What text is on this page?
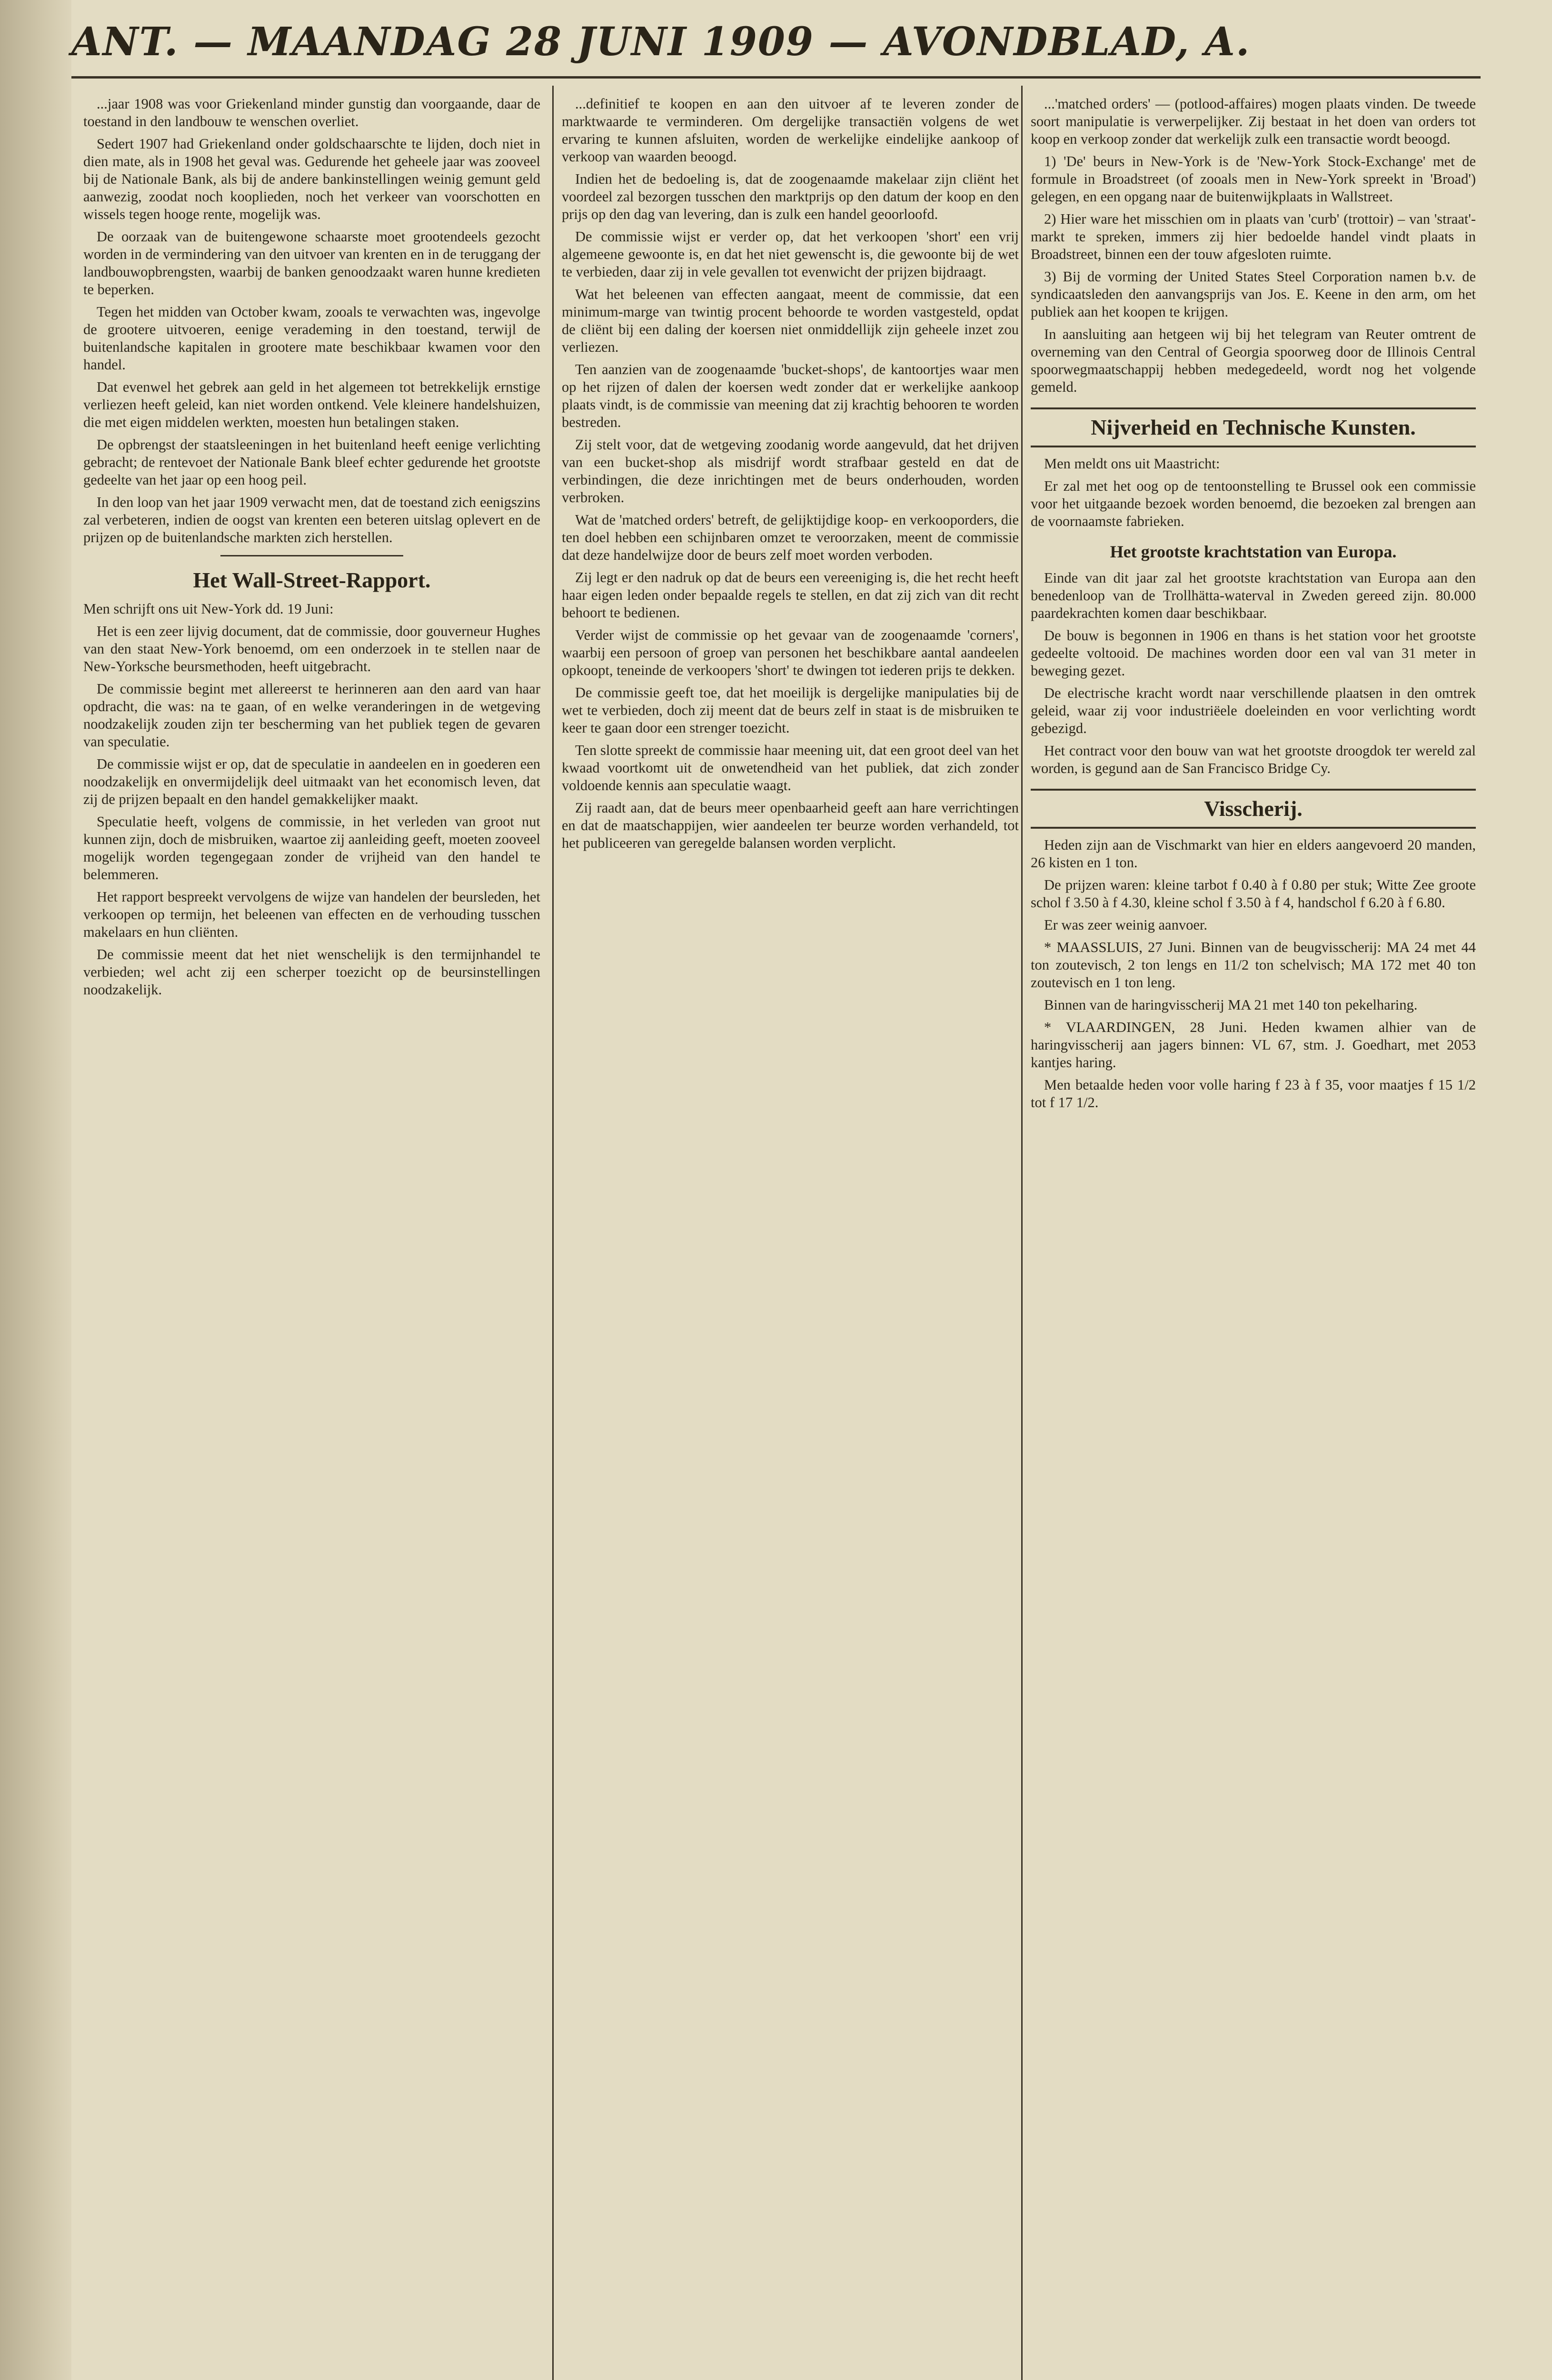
ANT. — MAANDAG 28 JUNI 1909 — AVONDBLAD, A.

...jaar 1908 was voor Griekenland minder gunstig dan voorgaande, daar de toestand in den landbouw te wenschen overliet.

Sedert 1907 had Griekenland onder goldschaarschte te lijden, doch niet in dien mate, als in 1908 het geval was. Gedurende het geheele jaar was zooveel bij de Nationale Bank, als bij de andere bankinstellingen weinig gemunt geld aanwezig, zoodat noch kooplieden, noch het verkeer van voorschotten en wissels tegen hooge rente, mogelijk was.

De oorzaak van de buitengewone schaarste moet grootendeels gezocht worden in de vermindering van den uitvoer van krenten en in de teruggang der landbouwopbrengsten, waarbij de banken genoodzaakt waren hunne kredieten te beperken.

Tegen het midden van October kwam, zooals te verwachten was, ingevolge de grootere uitvoeren, eenige verademing in den toestand, terwijl de buitenlandsche kapitalen in grootere mate beschikbaar kwamen voor den handel.

Dat evenwel het gebrek aan geld in het algemeen tot betrekkelijk ernstige verliezen heeft geleid, kan niet worden ontkend. Vele kleinere handelshuizen, die met eigen middelen werkten, moesten hun betalingen staken.

De opbrengst der staatsleeningen in het buitenland heeft eenige verlichting gebracht; de rentevoet der Nationale Bank bleef echter gedurende het grootste gedeelte van het jaar op een hoog peil.

In den loop van het jaar 1909 verwacht men, dat de toestand zich eenigszins zal verbeteren, indien de oogst van krenten een beteren uitslag oplevert en de prijzen op de buitenlandsche markten zich herstellen.

Het Wall-Street-Rapport.

Men schrijft ons uit New-York dd. 19 Juni:

Het is een zeer lijvig document, dat de commissie, door gouverneur Hughes van den staat New-York benoemd, om een onderzoek in te stellen naar de New-Yorksche beursmethoden, heeft uitgebracht.

De commissie begint met allereerst te herinneren aan den aard van haar opdracht, die was: na te gaan, of en welke veranderingen in de wetgeving noodzakelijk zouden zijn ter bescherming van het publiek tegen de gevaren van speculatie.

De commissie wijst er op, dat de speculatie in aandeelen en in goederen een noodzakelijk en onvermijdelijk deel uitmaakt van het economisch leven, dat zij de prijzen bepaalt en den handel gemakkelijker maakt.

Speculatie heeft, volgens de commissie, in het verleden van groot nut kunnen zijn, doch de misbruiken, waartoe zij aanleiding geeft, moeten zooveel mogelijk worden tegengegaan zonder de vrijheid van den handel te belemmeren.

Het rapport bespreekt vervolgens de wijze van handelen der beursleden, het verkoopen op termijn, het beleenen van effecten en de verhouding tusschen makelaars en hun cliënten.

De commissie meent dat het niet wenschelijk is den termijnhandel te verbieden; wel acht zij een scherper toezicht op de beursinstellingen noodzakelijk.

...definitief te koopen en aan den uitvoer af te leveren zonder de marktwaarde te verminderen. Om dergelijke transactiën volgens de wet ervaring te kunnen afsluiten, worden de werkelijke eindelijke aankoop of verkoop van waarden beoogd.

Indien het de bedoeling is, dat de zoogenaamde makelaar zijn cliënt het voordeel zal bezorgen tusschen den marktprijs op den datum der koop en den prijs op den dag van levering, dan is zulk een handel geoorloofd.

De commissie wijst er verder op, dat het verkoopen 'short' een vrij algemeene gewoonte is, en dat het niet gewenscht is, die gewoonte bij de wet te verbieden, daar zij in vele gevallen tot evenwicht der prijzen bijdraagt.

Wat het beleenen van effecten aangaat, meent de commissie, dat een minimum-marge van twintig procent behoorde te worden vastgesteld, opdat de cliënt bij een daling der koersen niet onmiddellijk zijn geheele inzet zou verliezen.

Ten aanzien van de zoogenaamde 'bucket-shops', de kantoortjes waar men op het rijzen of dalen der koersen wedt zonder dat er werkelijke aankoop plaats vindt, is de commissie van meening dat zij krachtig behooren te worden bestreden.

Zij stelt voor, dat de wetgeving zoodanig worde aangevuld, dat het drijven van een bucket-shop als misdrijf wordt strafbaar gesteld en dat de verbindingen, die deze inrichtingen met de beurs onderhouden, worden verbroken.

Wat de 'matched orders' betreft, de gelijktijdige koop- en verkooporders, die ten doel hebben een schijnbaren omzet te veroorzaken, meent de commissie dat deze handelwijze door de beurs zelf moet worden verboden.

Zij legt er den nadruk op dat de beurs een vereeniging is, die het recht heeft haar eigen leden onder bepaalde regels te stellen, en dat zij zich van dit recht behoort te bedienen.

Verder wijst de commissie op het gevaar van de zoogenaamde 'corners', waarbij een persoon of groep van personen het beschikbare aantal aandeelen opkoopt, teneinde de verkoopers 'short' te dwingen tot iederen prijs te dekken.

De commissie geeft toe, dat het moeilijk is dergelijke manipulaties bij de wet te verbieden, doch zij meent dat de beurs zelf in staat is de misbruiken te keer te gaan door een strenger toezicht.

Ten slotte spreekt de commissie haar meening uit, dat een groot deel van het kwaad voortkomt uit de onwetendheid van het publiek, dat zich zonder voldoende kennis aan speculatie waagt.

Zij raadt aan, dat de beurs meer openbaarheid geeft aan hare verrichtingen en dat de maatschappijen, wier aandeelen ter beurze worden verhandeld, tot het publiceeren van geregelde balansen worden verplicht.

...'matched orders' — (potlood-affaires) mogen plaats vinden. De tweede soort manipulatie is verwerpelijker. Zij bestaat in het doen van orders tot koop en verkoop zonder dat werkelijk zulk een transactie wordt beoogd.

1) 'De' beurs in New-York is de 'New-York Stock-Exchange' met de formule in Broadstreet (of zooals men in New-York spreekt in 'Broad') gelegen, en een opgang naar de buitenwijkplaats in Wallstreet.

2) Hier ware het misschien om in plaats van 'curb' (trottoir) – van 'straat'-markt te spreken, immers zij hier bedoelde handel vindt plaats in Broadstreet, binnen een der touw afgesloten ruimte.

3) Bij de vorming der United States Steel Corporation namen b.v. de syndicaatsleden den aanvangsprijs van Jos. E. Keene in den arm, om het publiek aan het koopen te krijgen.

In aansluiting aan hetgeen wij bij het telegram van Reuter omtrent de overneming van den Central of Georgia spoorweg door de Illinois Central spoorwegmaatschappij hebben medegedeeld, wordt nog het volgende gemeld.

Nijverheid en Technische Kunsten.

Men meldt ons uit Maastricht:

Er zal met het oog op de tentoonstelling te Brussel ook een commissie voor het uitgaande bezoek worden benoemd, die bezoeken zal brengen aan de voornaamste fabrieken.

Het grootste krachtstation van Europa.

Einde van dit jaar zal het grootste krachtstation van Europa aan den benedenloop van de Trollhätta-waterval in Zweden gereed zijn. 80.000 paardekrachten komen daar beschikbaar.

De bouw is begonnen in 1906 en thans is het station voor het grootste gedeelte voltooid. De machines worden door een val van 31 meter in beweging gezet.

De electrische kracht wordt naar verschillende plaatsen in den omtrek geleid, waar zij voor industriëele doeleinden en voor verlichting wordt gebezigd.

Het contract voor den bouw van wat het grootste droogdok ter wereld zal worden, is gegund aan de San Francisco Bridge Cy.

Visscherij.

Heden zijn aan de Vischmarkt van hier en elders aangevoerd 20 manden, 26 kisten en 1 ton.

De prijzen waren: kleine tarbot f 0.40 à f 0.80 per stuk; Witte Zee groote schol f 3.50 à f 4.30, kleine schol f 3.50 à f 4, handschol f 6.20 à f 6.80.

Er was zeer weinig aanvoer.

* MAASSLUIS, 27 Juni. Binnen van de beugvisscherij: MA 24 met 44 ton zoutevisch, 2 ton lengs en 11/2 ton schelvisch; MA 172 met 40 ton zoutevisch en 1 ton leng.

Binnen van de haringvisscherij MA 21 met 140 ton pekelharing.

* VLAARDINGEN, 28 Juni. Heden kwamen alhier van de haringvisscherij aan jagers binnen: VL 67, stm. J. Goedhart, met 2053 kantjes haring.

Men betaalde heden voor volle haring f 23 à f 35, voor maatjes f 15 1/2 tot f 17 1/2.
